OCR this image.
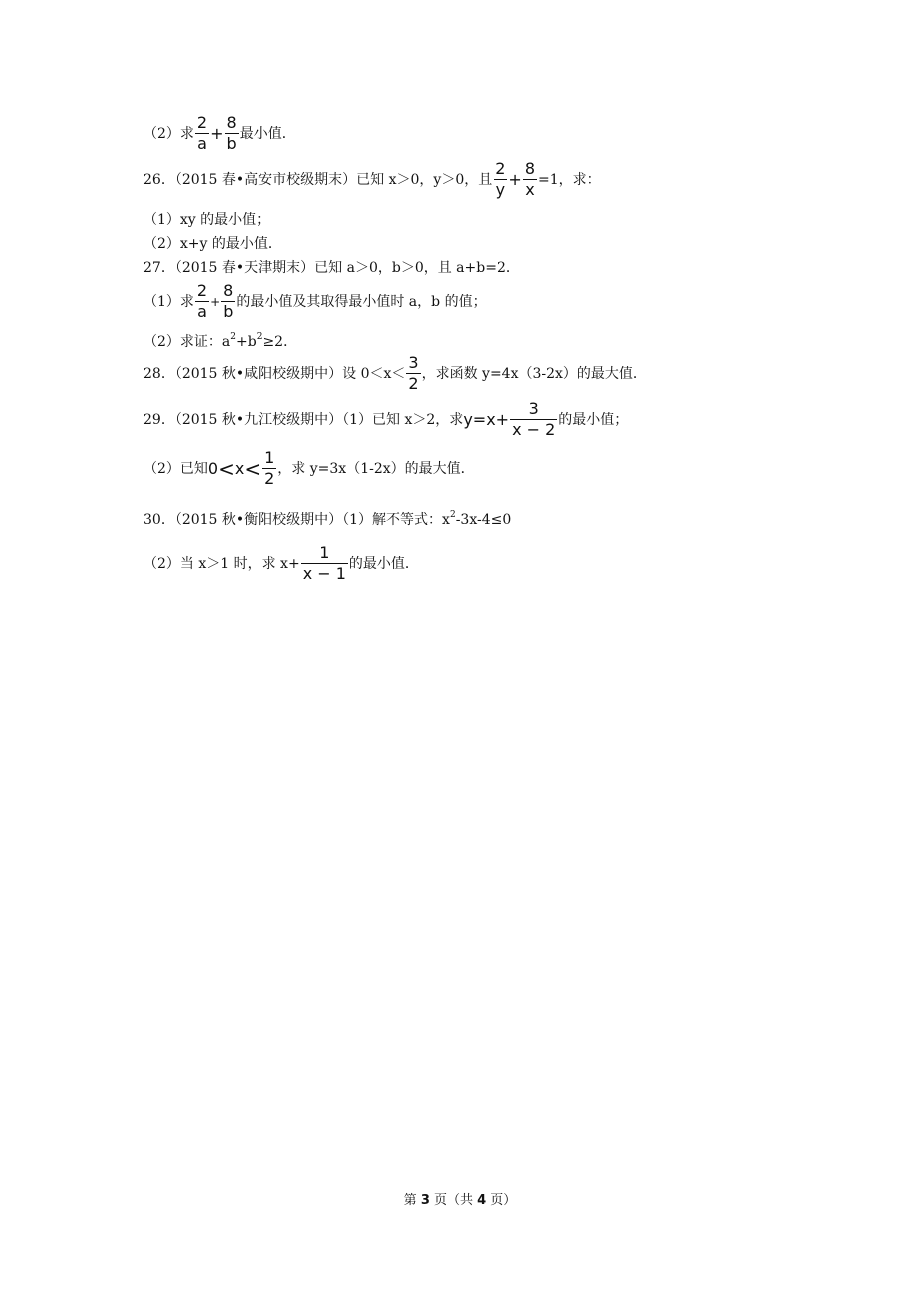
（2）求 $\frac{2}{a} + \frac{8}{b}$ 最小值．
26．（2015 春•高安市校级期末）已知 x＞0，y＞0，且 $\frac{2}{y} + \frac{8}{x} =1$，求：
（1）xy 的最小值；
（2）x+y 的最小值．
27．（2015 春•天津期末）已知 a＞0，b＞0，且 a+b=2．
（1）求 $\frac{2}{a} + \frac{8}{b}$ 的最小值及其取得最小值时 a，b 的值；
（2）求证：$a^2 +b^2 \ge 2$．
28．（2015 秋•咸阳校级期中）设 $0<x< \frac{3}{2}$ ，求函数 y=4x（3-2x）的最大值．
29．（2015 秋•九江校级期中）（1）已知 x＞2，求 $y=x+ \frac{3}{x - 2}$ 的最小值；
（2）已知 $0 < x < \frac{1}{2}$ ，求 y=3x（1-2x）的最大值．
30．（2015 秋•衡阳校级期中）（1）解不等式：$x^2$ -3x-4≤0
（2）当 x＞1 时，求 $x+ \frac{1}{x - 1}$ 的最小值．
第 3 页（共 4 页）
